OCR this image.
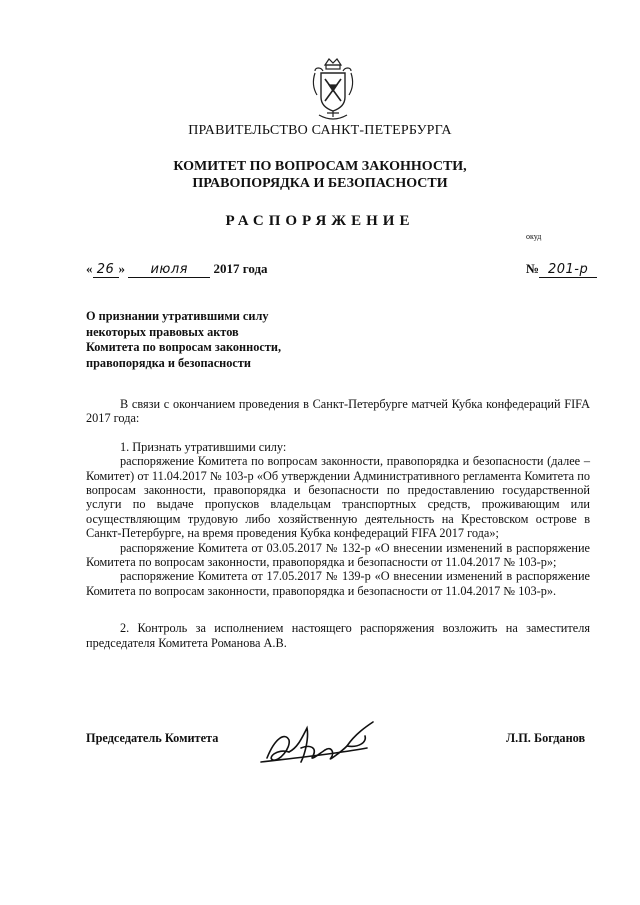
ПРАВИТЕЛЬСТВО САНКТ-ПЕТЕРБУРГА
КОМИТЕТ ПО ВОПРОСАМ ЗАКОННОСТИ,
ПРАВОПОРЯДКА И БЕЗОПАСНОСТИ
РАСПОРЯЖЕНИЕ
окуд
« 26 » июля 2017 года	№ 201-р
О признании утратившими силу
некоторых правовых актов
Комитета по вопросам законности,
правопорядка и безопасности

В связи с окончанием проведения в Санкт-Петербурге матчей Кубка конфедераций FIFA 2017 года:

1. Признать утратившими силу:

распоряжение Комитета по вопросам законности, правопорядка и безопасности (далее – Комитет) от 11.04.2017 № 103-р «Об утверждении Административного регламента Комитета по вопросам законности, правопорядка и безопасности по предоставлению государственной услуги по выдаче пропусков владельцам транспортных средств, проживающим или осуществляющим трудовую либо хозяйственную деятельность на Крестовском острове в Санкт-Петербурге, на время проведения Кубка конфедераций FIFA 2017 года»;

распоряжение Комитета от 03.05.2017 № 132-р «О внесении изменений в распоряжение Комитета по вопросам законности, правопорядка и безопасности от 11.04.2017 № 103-р»;

распоряжение Комитета от 17.05.2017 № 139-р «О внесении изменений в распоряжение Комитета по вопросам законности, правопорядка и безопасности от 11.04.2017 № 103-р».

2. Контроль за исполнением настоящего распоряжения возложить на заместителя председателя Комитета Романова А.В.

Председатель Комитета	Л.П. Богданов
